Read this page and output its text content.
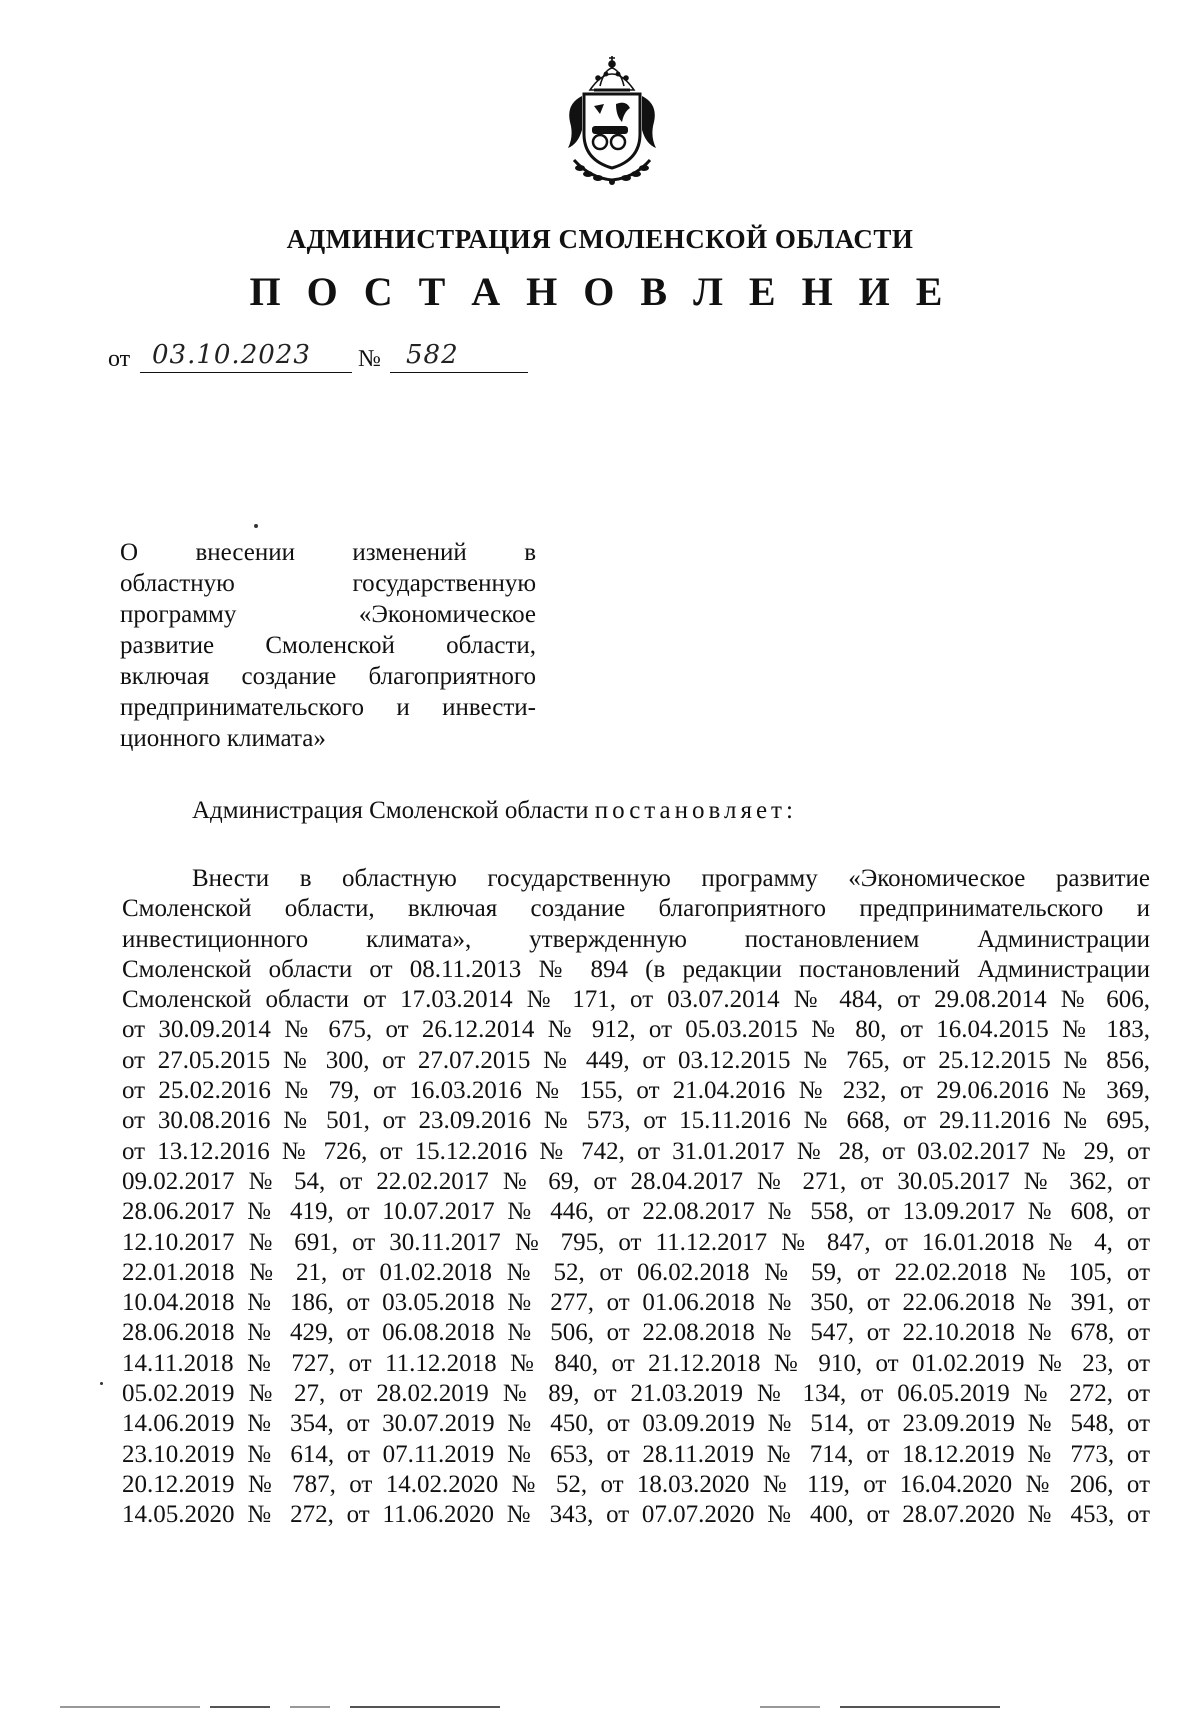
АДМИНИСТРАЦИЯ СМОЛЕНСКОЙ ОБЛАСТИ
П О С Т А Н О В Л Е Н И Е
от 03.10.2023 № 582
О внесении изменений в
областную государственную
программу «Экономическое
развитие Смоленской области,
включая создание благоприятного
предпринимательского и инвести-
ционного климата»
Администрация Смоленской области постановляет:
Внести в областную государственную программу «Экономическое развитие
Смоленской области, включая создание благоприятного предпринимательского и
инвестиционного климата», утвержденную постановлением Администрации
Смоленской области от 08.11.2013 № 894 (в редакции постановлений Администрации
Смоленской области от 17.03.2014 № 171, от 03.07.2014 № 484, от 29.08.2014 № 606,
от 30.09.2014 № 675, от 26.12.2014 № 912, от 05.03.2015 № 80, от 16.04.2015 № 183,
от 27.05.2015 № 300, от 27.07.2015 № 449, от 03.12.2015 № 765, от 25.12.2015 № 856,
от 25.02.2016 № 79, от 16.03.2016 № 155, от 21.04.2016 № 232, от 29.06.2016 № 369,
от 30.08.2016 № 501, от 23.09.2016 № 573, от 15.11.2016 № 668, от 29.11.2016 № 695,
от 13.12.2016 № 726, от 15.12.2016 № 742, от 31.01.2017 № 28, от 03.02.2017 № 29, от
09.02.2017 № 54, от 22.02.2017 № 69, от 28.04.2017 № 271, от 30.05.2017 № 362, от
28.06.2017 № 419, от 10.07.2017 № 446, от 22.08.2017 № 558, от 13.09.2017 № 608, от
12.10.2017 № 691, от 30.11.2017 № 795, от 11.12.2017 № 847, от 16.01.2018 № 4, от
22.01.2018 № 21, от 01.02.2018 № 52, от 06.02.2018 № 59, от 22.02.2018 № 105, от
10.04.2018 № 186, от 03.05.2018 № 277, от 01.06.2018 № 350, от 22.06.2018 № 391, от
28.06.2018 № 429, от 06.08.2018 № 506, от 22.08.2018 № 547, от 22.10.2018 № 678, от
14.11.2018 № 727, от 11.12.2018 № 840, от 21.12.2018 № 910, от 01.02.2019 № 23, от
05.02.2019 № 27, от 28.02.2019 № 89, от 21.03.2019 № 134, от 06.05.2019 № 272, от
14.06.2019 № 354, от 30.07.2019 № 450, от 03.09.2019 № 514, от 23.09.2019 № 548, от
23.10.2019 № 614, от 07.11.2019 № 653, от 28.11.2019 № 714, от 18.12.2019 № 773, от
20.12.2019 № 787, от 14.02.2020 № 52, от 18.03.2020 № 119, от 16.04.2020 № 206, от
14.05.2020 № 272, от 11.06.2020 № 343, от 07.07.2020 № 400, от 28.07.2020 № 453, от
